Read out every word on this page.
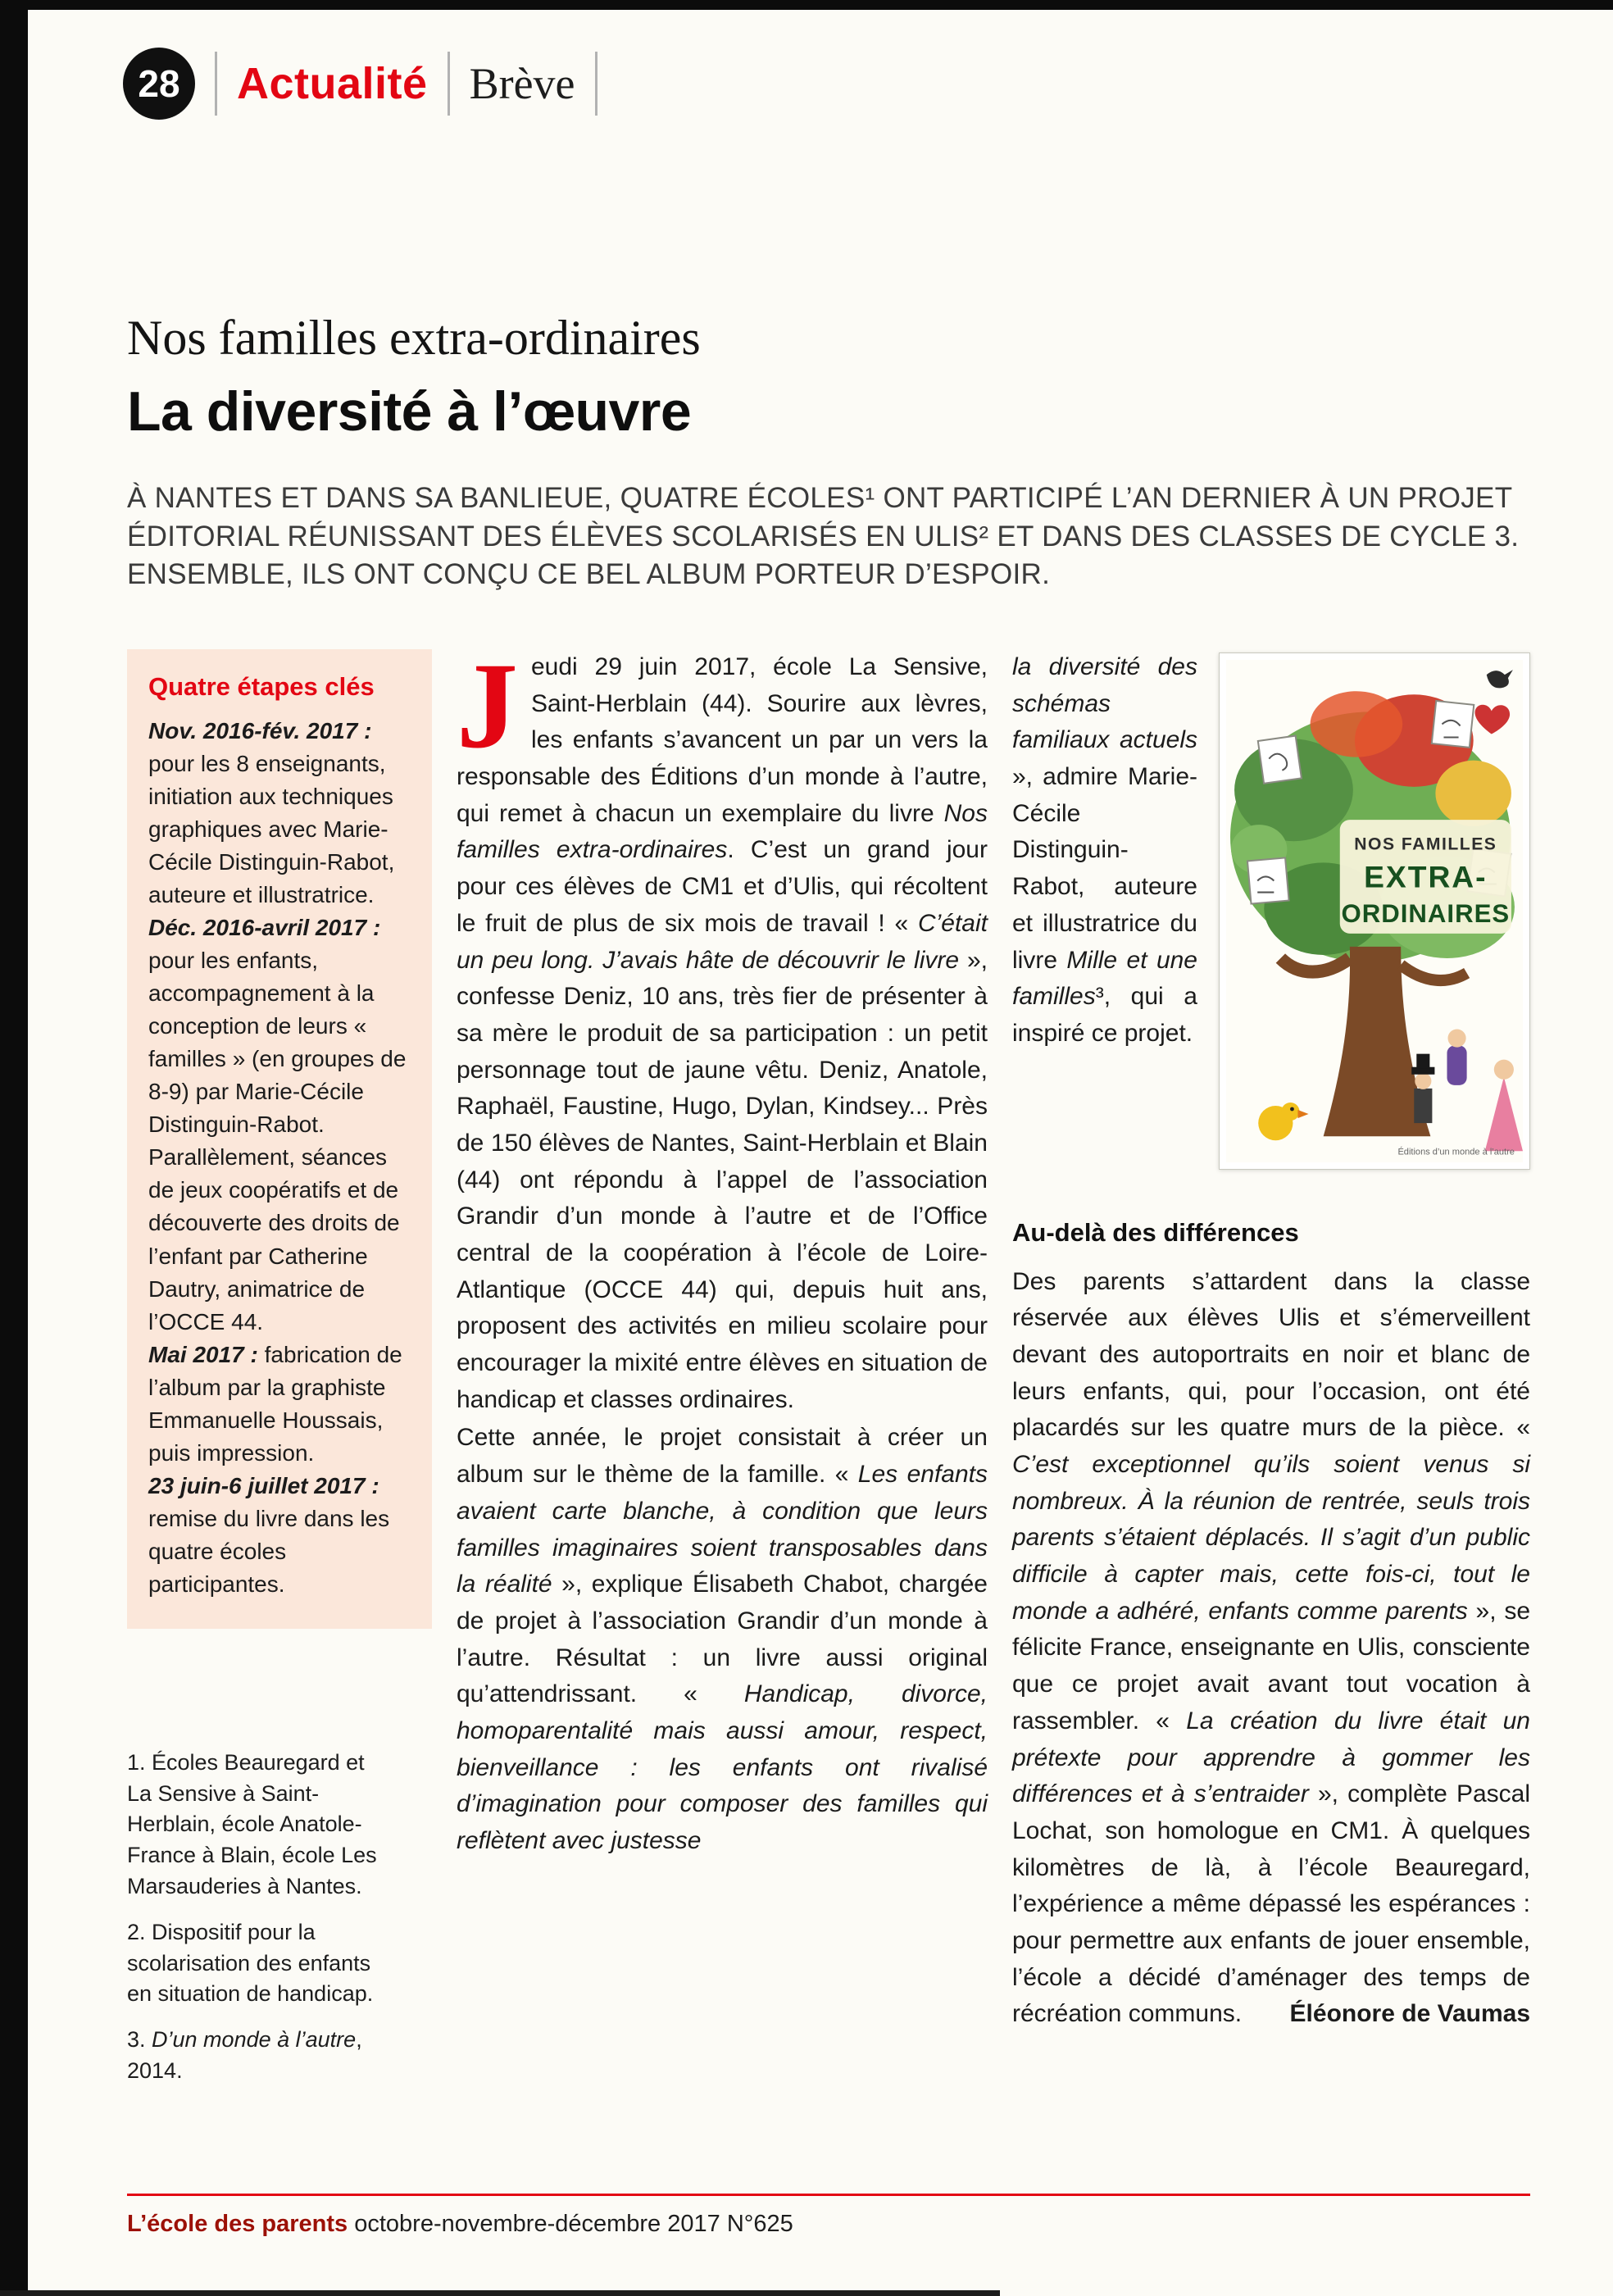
28	Actualité Brève
Nos familles extra-ordinaires
La diversité à l’œuvre
À NANTES ET DANS SA BANLIEUE, QUATRE ÉCOLES¹ ONT PARTICIPÉ L’AN DERNIER À UN PROJET ÉDITORIAL RÉUNISSANT DES ÉLÈVES SCOLARISÉS EN ULIS² ET DANS DES CLASSES DE CYCLE 3. ENSEMBLE, ILS ONT CONÇU CE BEL ALBUM PORTEUR D’ESPOIR.
Quatre étapes clés

Nov. 2016-fév. 2017 : pour les 8 enseignants, initiation aux techniques graphiques avec Marie-Cécile Distinguin-Rabot, auteure et illustratrice.

Déc. 2016-avril 2017 : pour les enfants, accompagnement à la conception de leurs « familles » (en groupes de 8-9) par Marie-Cécile Distinguin-Rabot. Parallèlement, séances de jeux coopératifs et de découverte des droits de l’enfant par Catherine Dautry, animatrice de l’OCCE 44.

Mai 2017 : fabrication de l’album par la graphiste Emmanuelle Houssais, puis impression.

23 juin-6 juillet 2017 : remise du livre dans les quatre écoles participantes.

1. Écoles Beauregard et La Sensive à Saint-Herblain, école Anatole-France à Blain, école Les Marsauderies à Nantes.

2. Dispositif pour la scolarisation des enfants en situation de handicap.

3. D’un monde à l’autre, 2014.

Jeudi 29 juin 2017, école La Sensive, Saint-Herblain (44). Sourire aux lèvres, les enfants s’avancent un par un vers la responsable des Éditions d’un monde à l’autre, qui remet à chacun un exemplaire du livre Nos familles extra-ordinaires. C’est un grand jour pour ces élèves de CM1 et d’Ulis, qui récoltent le fruit de plus de six mois de travail ! « C’était un peu long. J’avais hâte de découvrir le livre », confesse Deniz, 10 ans, très fier de présenter à sa mère le produit de sa participation : un petit personnage tout de jaune vêtu. Deniz, Anatole, Raphaël, Faustine, Hugo, Dylan, Kindsey... Près de 150 élèves de Nantes, Saint-Herblain et Blain (44) ont répondu à l’appel de l’association Grandir d’un monde à l’autre et de l’Office central de la coopération à l’école de Loire-Atlantique (OCCE 44) qui, depuis huit ans, proposent des activités en milieu scolaire pour encourager la mixité entre élèves en situation de handicap et classes ordinaires.
Cette année, le projet consistait à créer un album sur le thème de la famille. « Les enfants avaient carte blanche, à condition que leurs familles imaginaires soient transposables dans la réalité », explique Élisabeth Chabot, chargée de projet à l’association Grandir d’un monde à l’autre. Résultat : un livre aussi original qu’attendrissant. « Handicap, divorce, homoparentalité mais aussi amour, respect, bienveillance : les enfants ont rivalisé d’imagination pour composer des familles qui reflètent avec justesse
NOS FAMILLES
EXTRA-
ORDINAIRES
Éditions d’un monde à l’autre
la diversité des schémas familiaux actuels », admire Marie-Cécile Distinguin-Rabot, auteure et illustratrice du livre Mille et une familles³, qui a inspiré ce projet.
Au-delà des différences
Des parents s’attardent dans la classe réservée aux élèves Ulis et s’émerveillent devant des autoportraits en noir et blanc de leurs enfants, qui, pour l’occasion, ont été placardés sur les quatre murs de la pièce. « C’est exceptionnel qu’ils soient venus si nombreux. À la réunion de rentrée, seuls trois parents s’étaient déplacés. Il s’agit d’un public difficile à capter mais, cette fois-ci, tout le monde a adhéré, enfants comme parents », se félicite France, enseignante en Ulis, consciente que ce projet avait avant tout vocation à rassembler. « La création du livre était un prétexte pour apprendre à gommer les différences et à s’entraider », complète Pascal Lochat, son homologue en CM1. À quelques kilomètres de là, à l’école Beauregard, l’expérience a même dépassé les espérances : pour permettre aux enfants de jouer ensemble, l’école a décidé d’aménager des temps de récréation communs. Éléonore de Vaumas
L’école des parents octobre-novembre-décembre 2017 N°625
